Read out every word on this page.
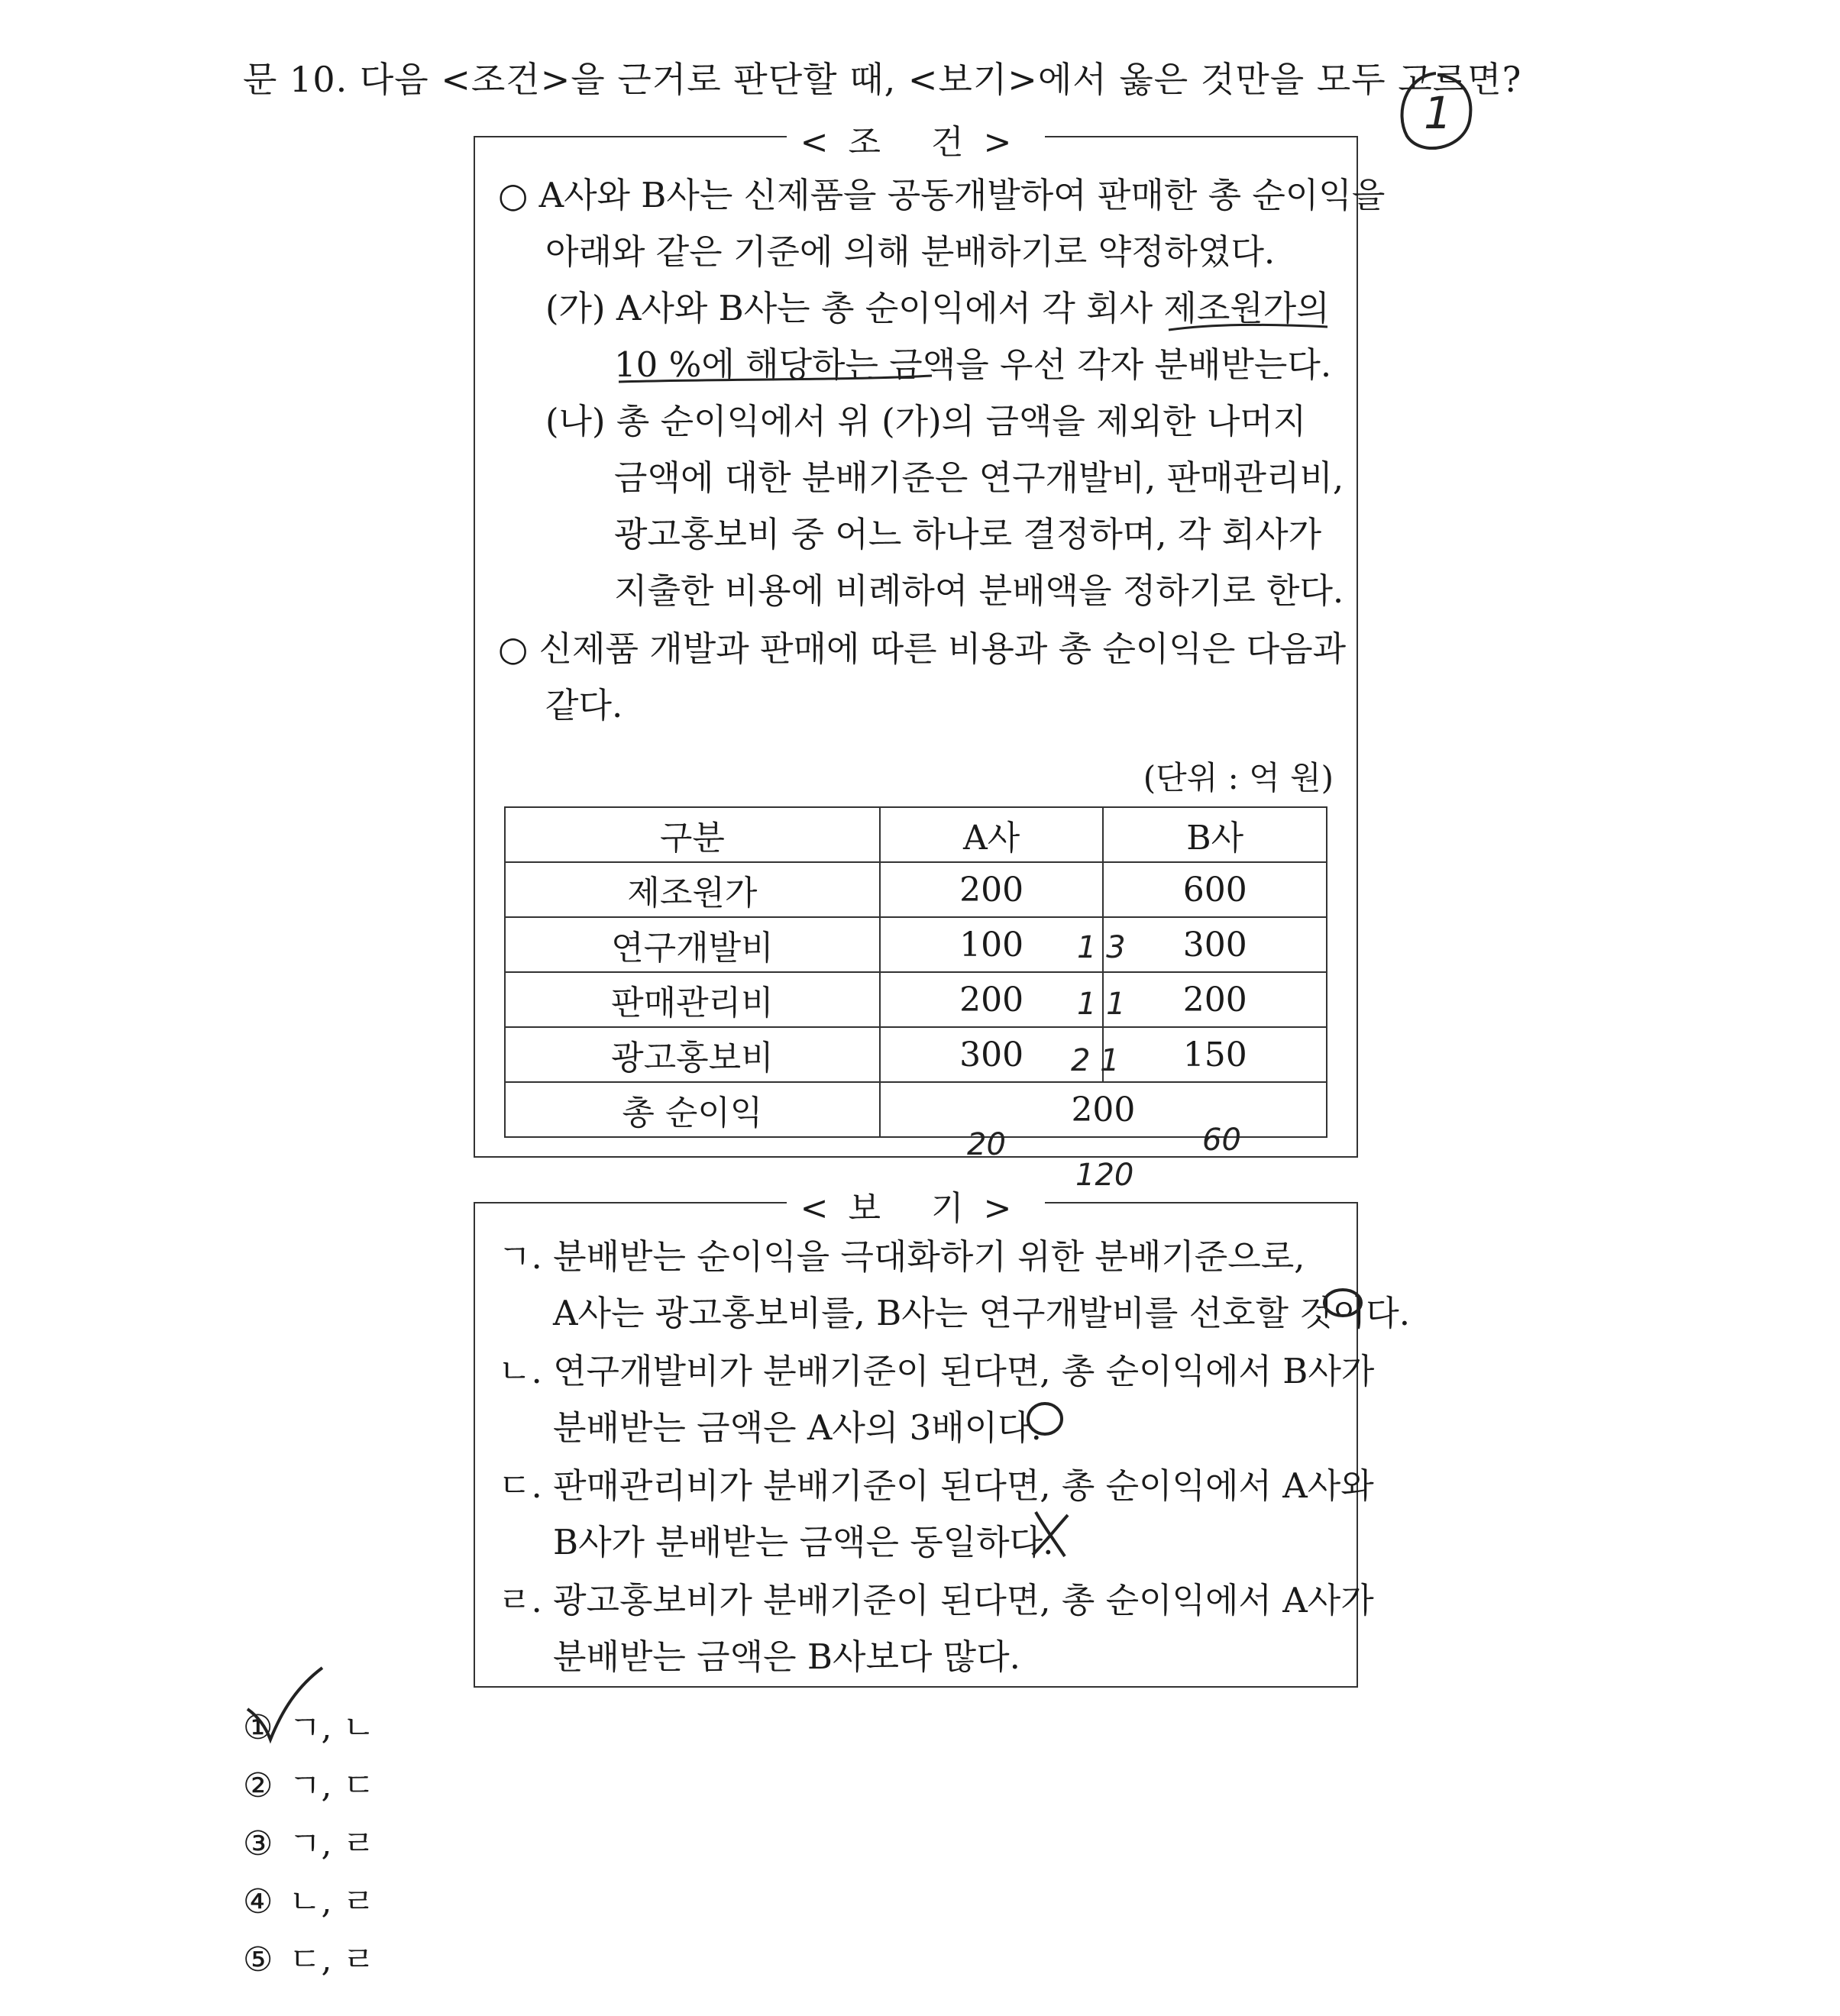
문 10. 다음 <조건>을 근거로 판단할 때, <보기>에서 옳은 것만을 모두 고르면?
<조 건>
○ A사와 B사는 신제품을 공동개발하여 판매한 총 순이익을
아래와 같은 기준에 의해 분배하기로 약정하였다.
(가) A사와 B사는 총 순이익에서 각 회사 제조원가의
10 %에 해당하는 금액을 우선 각자 분배받는다.
(나) 총 순이익에서 위 (가)의 금액을 제외한 나머지
금액에 대한 분배기준은 연구개발비, 판매관리비,
광고홍보비 중 어느 하나로 결정하며, 각 회사가
지출한 비용에 비례하여 분배액을 정하기로 한다.
○ 신제품 개발과 판매에 따른 비용과 총 순이익은 다음과
같다.
(단위 : 억 원)
구분	A사	B사
제조원가	200	600
연구개발비	100	300
판매관리비	200	200
광고홍보비	300	150
총 순이익	200	
<보 기>
ㄱ. 분배받는 순이익을 극대화하기 위한 분배기준으로,
A사는 광고홍보비를, B사는 연구개발비를 선호할 것이다.
ㄴ. 연구개발비가 분배기준이 된다면, 총 순이익에서 B사가
분배받는 금액은 A사의 3배이다.
ㄷ. 판매관리비가 분배기준이 된다면, 총 순이익에서 A사와
B사가 분배받는 금액은 동일하다.
ㄹ. 광고홍보비가 분배기준이 된다면, 총 순이익에서 A사가
분배받는 금액은 B사보다 많다.
① ㄱ, ㄴ
② ㄱ, ㄷ
③ ㄱ, ㄹ
④ ㄴ, ㄹ
⑤ ㄷ, ㄹ
1
1 3
1 1
2 1
20
120
60
